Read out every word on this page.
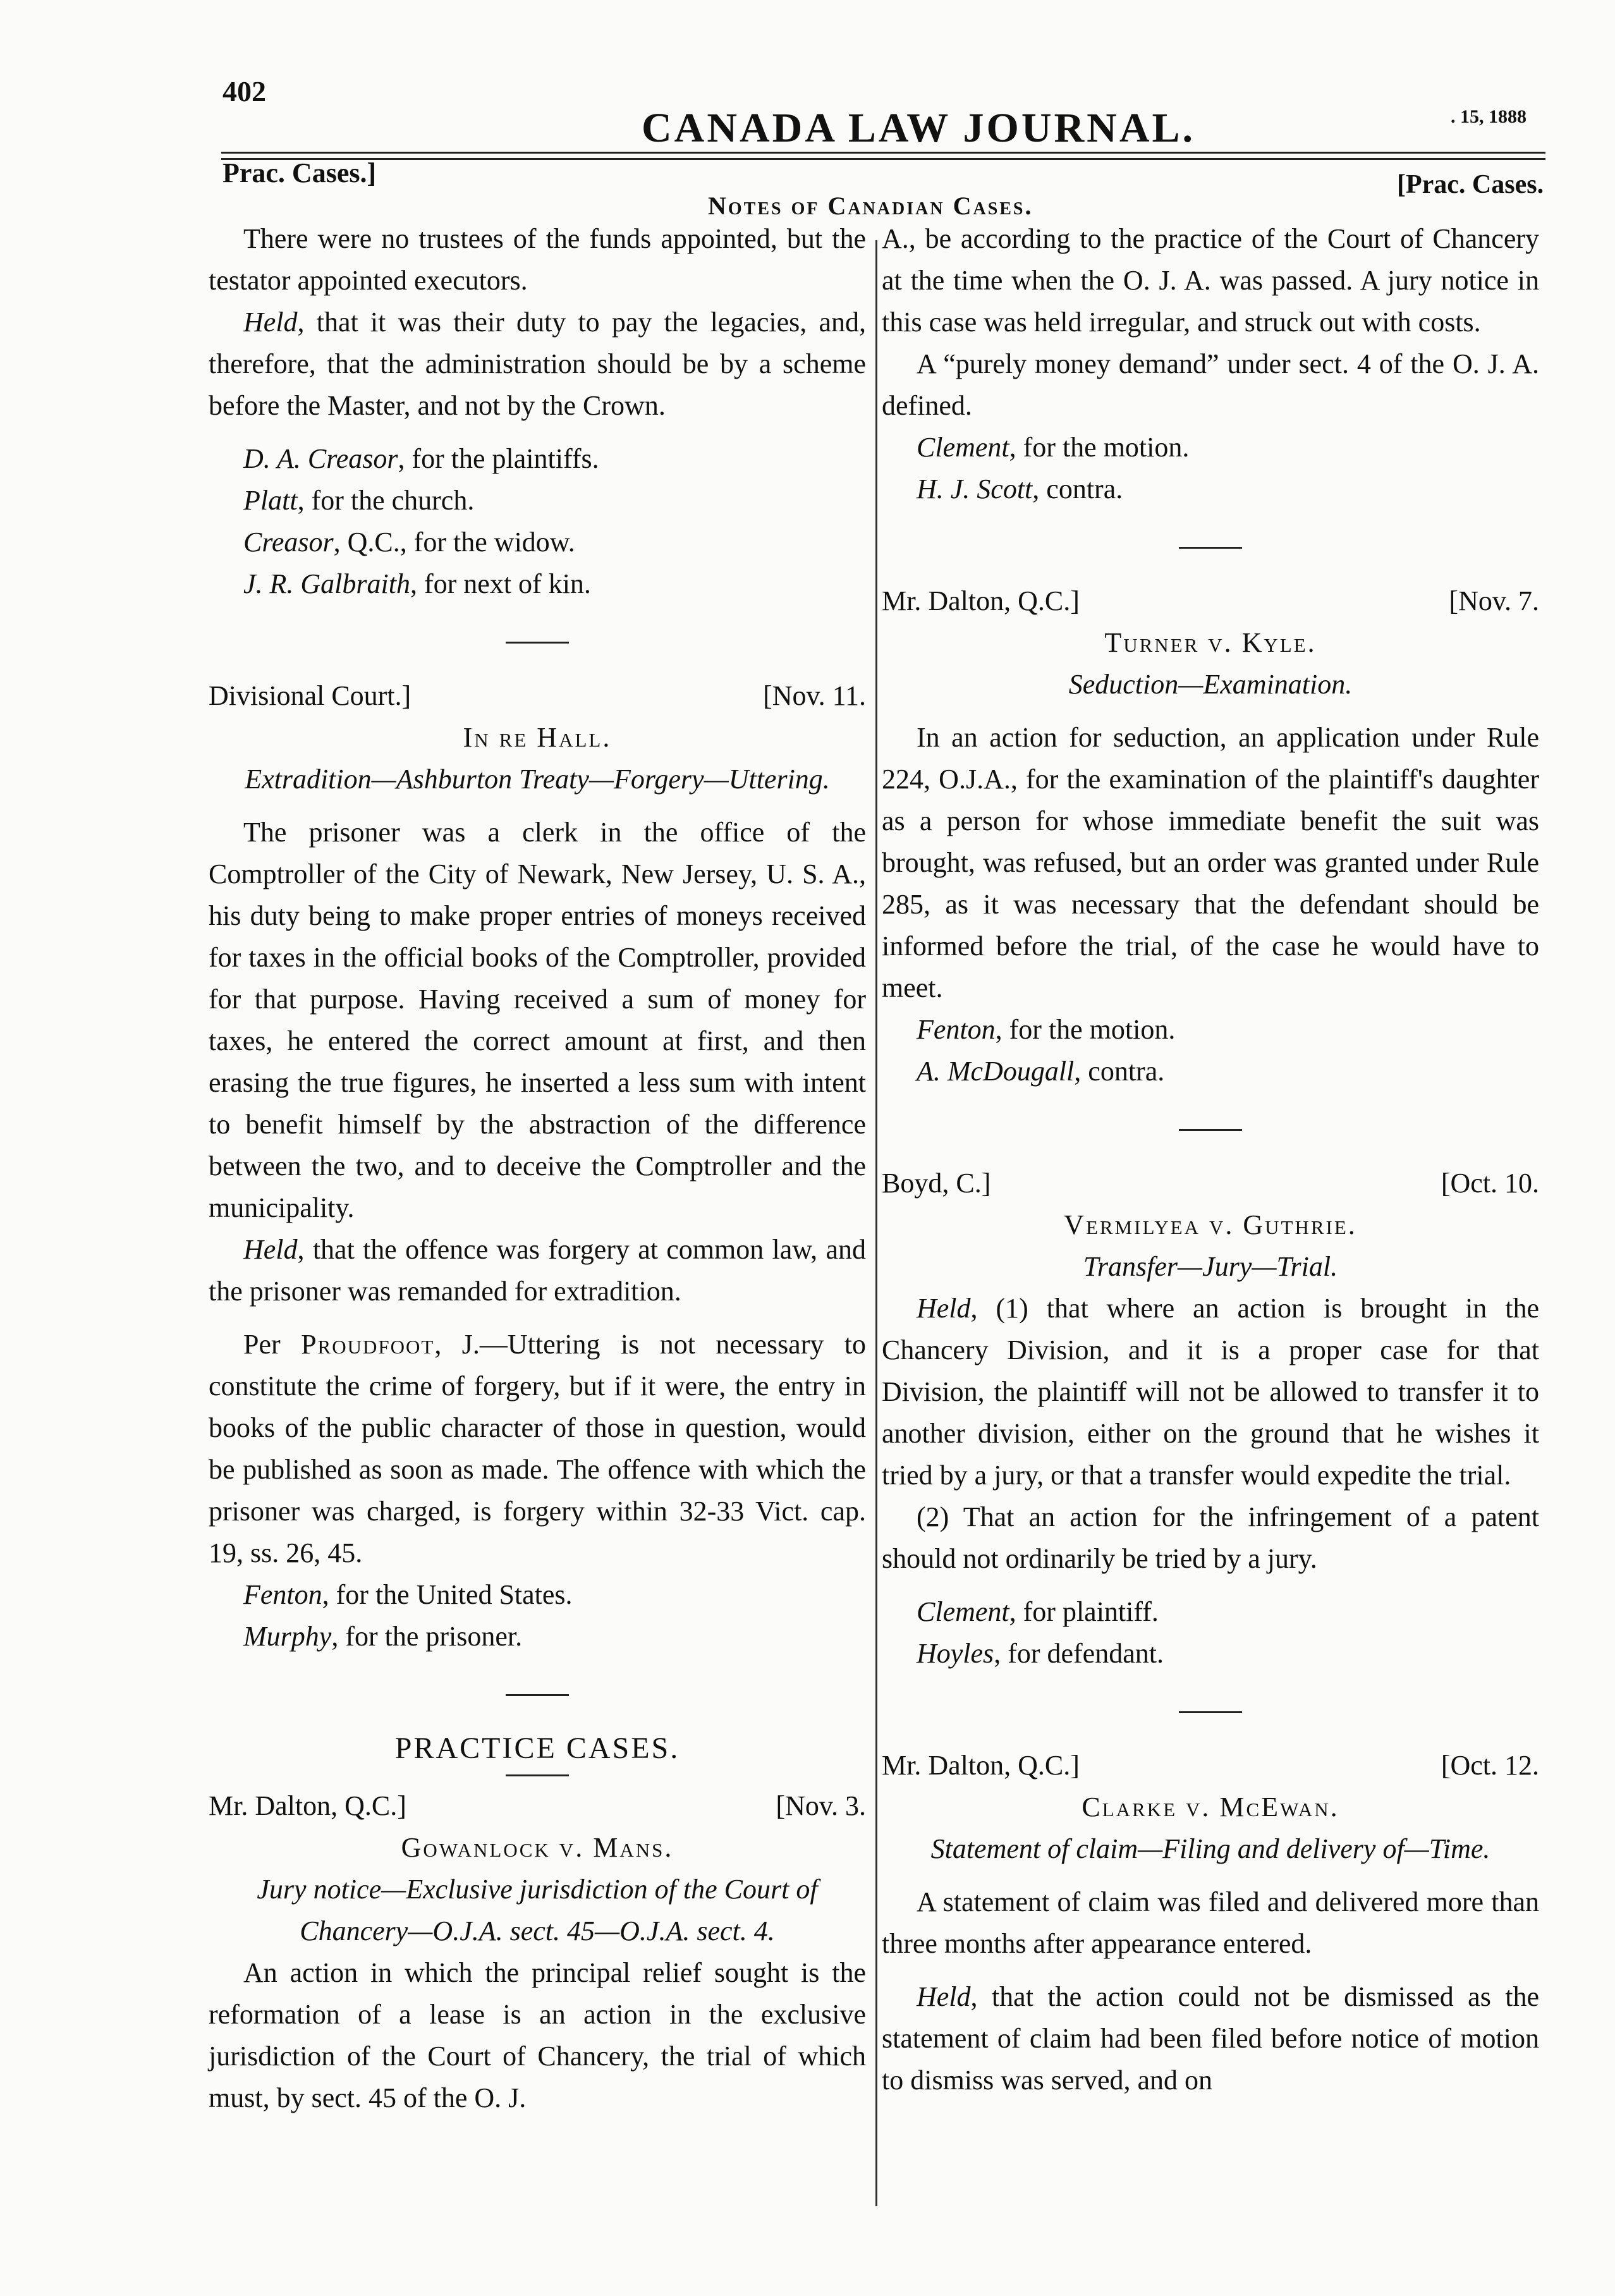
402
CANADA LAW JOURNAL.	. 15, 1888
Prac. Cases.]
Notes of Canadian Cases.
[Prac. Cases.

There were no trustees of the funds appointed, but the testator appointed executors.

Held, that it was their duty to pay the legacies, and, therefore, that the administration should be by a scheme before the Master, and not by the Crown.

D. A. Creasor, for the plaintiffs.

Platt, for the church.

Creasor, Q.C., for the widow.

J. R. Galbraith, for next of kin.

Divisional Court.]	[Nov. 11.
In re Hall.
Extradition—Ashburton Treaty—Forgery—Uttering.

The prisoner was a clerk in the office of the Comptroller of the City of Newark, New Jersey, U. S. A., his duty being to make proper entries of moneys received for taxes in the official books of the Comptroller, provided for that purpose. Having received a sum of money for taxes, he entered the correct amount at first, and then erasing the true figures, he inserted a less sum with intent to benefit himself by the abstraction of the difference between the two, and to deceive the Comptroller and the municipality.

Held, that the offence was forgery at common law, and the prisoner was remanded for extradition.

Per Proudfoot, J.—Uttering is not necessary to constitute the crime of forgery, but if it were, the entry in books of the public character of those in question, would be published as soon as made. The offence with which the prisoner was charged, is forgery within 32-33 Vict. cap. 19, ss. 26, 45.

Fenton, for the United States.

Murphy, for the prisoner.

PRACTICE CASES.
Mr. Dalton, Q.C.]	[Nov. 3.
Gowanlock v. Mans.
Jury notice—Exclusive jurisdiction of the Court of Chancery—O.J.A. sect. 45—O.J.A. sect. 4.

An action in which the principal relief sought is the reformation of a lease is an action in the exclusive jurisdiction of the Court of Chancery, the trial of which must, by sect. 45 of the O. J.

A., be according to the practice of the Court of Chancery at the time when the O. J. A. was passed. A jury notice in this case was held irregular, and struck out with costs.

A “purely money demand” under sect. 4 of the O. J. A. defined.

Clement, for the motion.

H. J. Scott, contra.

Mr. Dalton, Q.C.]	[Nov. 7.
Turner v. Kyle.
Seduction—Examination.

In an action for seduction, an application under Rule 224, O.J.A., for the examination of the plaintiff's daughter as a person for whose immediate benefit the suit was brought, was refused, but an order was granted under Rule 285, as it was necessary that the defendant should be informed before the trial, of the case he would have to meet.

Fenton, for the motion.

A. McDougall, contra.

Boyd, C.]	[Oct. 10.
Vermilyea v. Guthrie.
Transfer—Jury—Trial.

Held, (1) that where an action is brought in the Chancery Division, and it is a proper case for that Division, the plaintiff will not be allowed to transfer it to another division, either on the ground that he wishes it tried by a jury, or that a transfer would expedite the trial.

(2) That an action for the infringement of a patent should not ordinarily be tried by a jury.

Clement, for plaintiff.

Hoyles, for defendant.

Mr. Dalton, Q.C.]	[Oct. 12.
Clarke v. McEwan.
Statement of claim—Filing and delivery of—Time.

A statement of claim was filed and delivered more than three months after appearance entered.

Held, that the action could not be dismissed as the statement of claim had been filed before notice of motion to dismiss was served, and on
